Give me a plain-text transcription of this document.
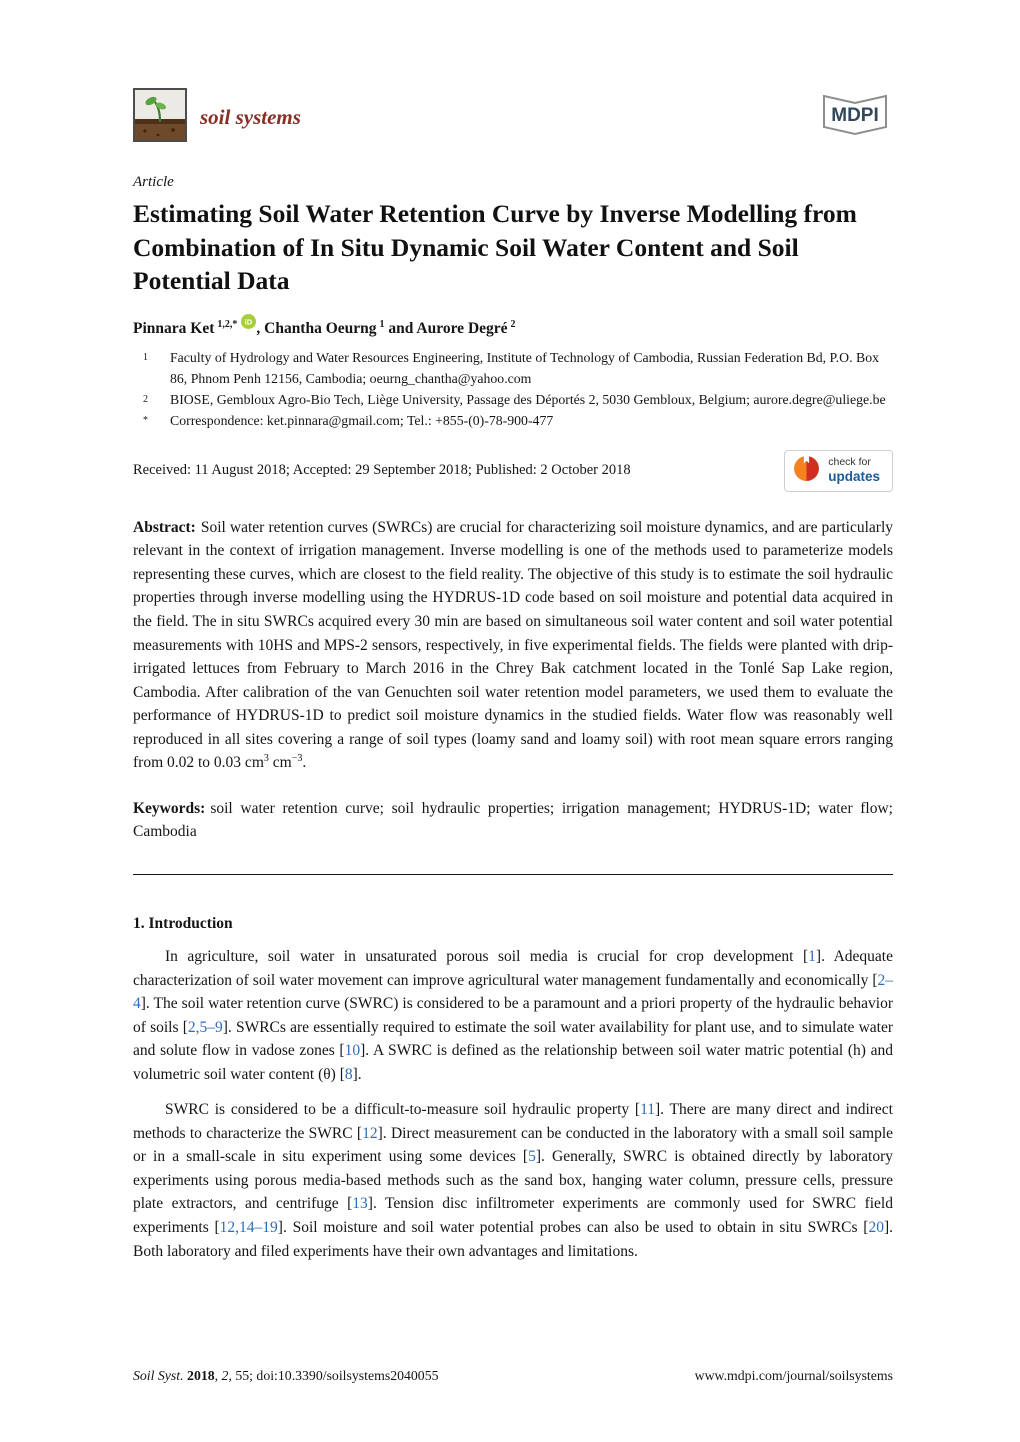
soil systems	MDPI
Article
Estimating Soil Water Retention Curve by Inverse Modelling from Combination of In Situ Dynamic Soil Water Content and Soil Potential Data
Pinnara Ket $^{1,2,*}$ iD , Chantha Oeurng $^1$ and Aurore Degré $^2$
1	Faculty of Hydrology and Water Resources Engineering, Institute of Technology of Cambodia, Russian Federation Bd, P.O. Box 86, Phnom Penh 12156, Cambodia; oeurng_chantha@yahoo.com
2	BIOSE, Gembloux Agro-Bio Tech, Liège University, Passage des Déportés 2, 5030 Gembloux, Belgium; aurore.degre@uliege.be
*	Correspondence: ket.pinnara@gmail.com; Tel.: +855-(0)-78-900-477
Received: 11 August 2018; Accepted: 29 September 2018; Published: 2 October 2018
check for
updates

Abstract: Soil water retention curves (SWRCs) are crucial for characterizing soil moisture dynamics, and are particularly relevant in the context of irrigation management. Inverse modelling is one of the methods used to parameterize models representing these curves, which are closest to the field reality. The objective of this study is to estimate the soil hydraulic properties through inverse modelling using the HYDRUS-1D code based on soil moisture and potential data acquired in the field. The in situ SWRCs acquired every 30 min are based on simultaneous soil water content and soil water potential measurements with 10HS and MPS-2 sensors, respectively, in five experimental fields. The fields were planted with drip-irrigated lettuces from February to March 2016 in the Chrey Bak catchment located in the Tonlé Sap Lake region, Cambodia. After calibration of the van Genuchten soil water retention model parameters, we used them to evaluate the performance of HYDRUS-1D to predict soil moisture dynamics in the studied fields. Water flow was reasonably well reproduced in all sites covering a range of soil types (loamy sand and loamy soil) with root mean square errors ranging from 0.02 to 0.03 $cm^3$ $cm^{-3}$.

Keywords: soil water retention curve; soil hydraulic properties; irrigation management; HYDRUS-1D; water flow; Cambodia

1. Introduction

In agriculture, soil water in unsaturated porous soil media is crucial for crop development [1]. Adequate characterization of soil water movement can improve agricultural water management fundamentally and economically [2–4]. The soil water retention curve (SWRC) is considered to be a paramount and a priori property of the hydraulic behavior of soils [2,5–9]. SWRCs are essentially required to estimate the soil water availability for plant use, and to simulate water and solute flow in vadose zones [10]. A SWRC is defined as the relationship between soil water matric potential (h) and volumetric soil water content (θ) [8].

SWRC is considered to be a difficult-to-measure soil hydraulic property [11]. There are many direct and indirect methods to characterize the SWRC [12]. Direct measurement can be conducted in the laboratory with a small soil sample or in a small-scale in situ experiment using some devices [5]. Generally, SWRC is obtained directly by laboratory experiments using porous media-based methods such as the sand box, hanging water column, pressure cells, pressure plate extractors, and centrifuge [13]. Tension disc infiltrometer experiments are commonly used for SWRC field experiments [12,14–19]. Soil moisture and soil water potential probes can also be used to obtain in situ SWRCs [20]. Both laboratory and filed experiments have their own advantages and limitations.

Soil Syst. 2018, 2, 55; doi:10.3390/soilsystems2040055	www.mdpi.com/journal/soilsystems
